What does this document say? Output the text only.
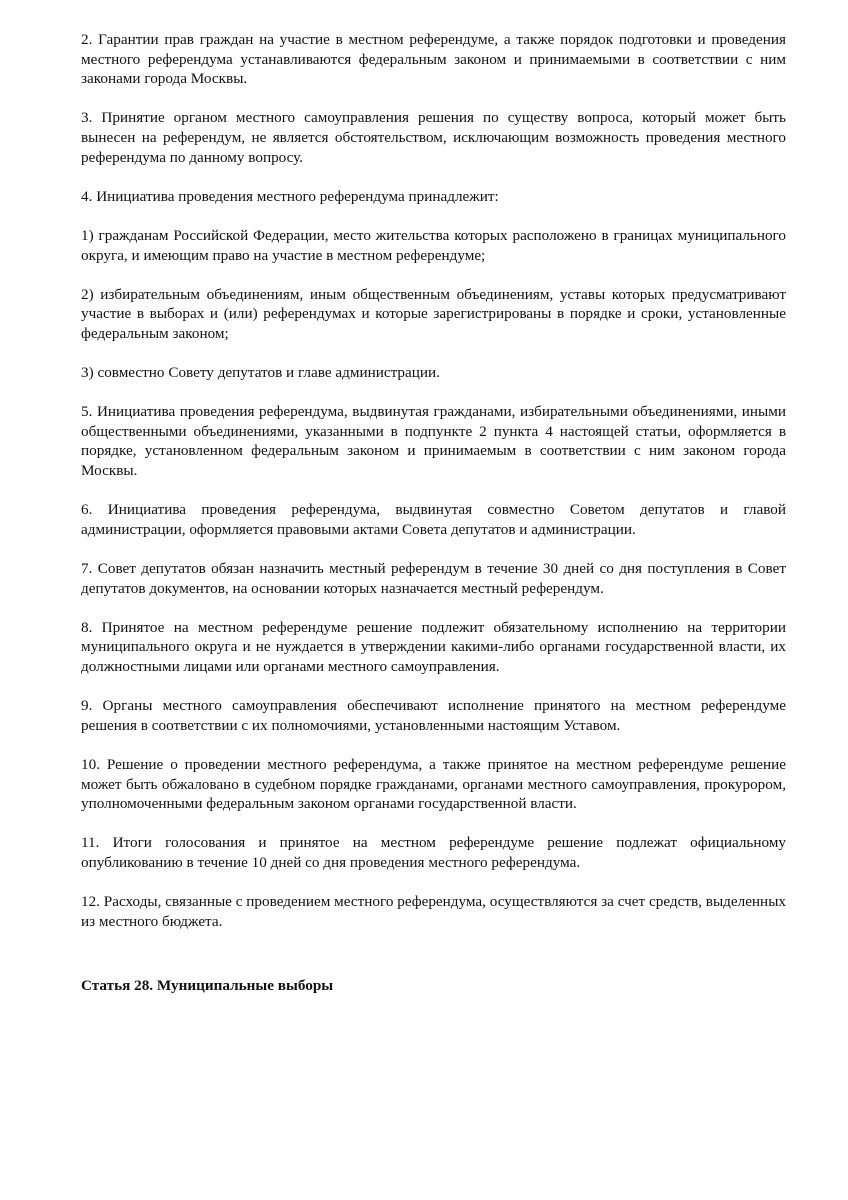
2. Гарантии прав граждан на участие в местном референдуме, а также порядок подготовки и проведения местного референдума устанавливаются федеральным законом и принимаемыми в соответствии с ним законами города Москвы.

3. Принятие органом местного самоуправления решения по существу вопроса, который может быть вынесен на референдум, не является обстоятельством, исключающим возможность проведения местного референдума по данному вопросу.

4. Инициатива проведения местного референдума принадлежит:

1) гражданам Российской Федерации, место жительства которых расположено в границах муниципального округа, и имеющим право на участие в местном референдуме;

2) избирательным объединениям, иным общественным объединениям, уставы которых предусматривают участие в выборах и (или) референдумах и которые зарегистрированы в порядке и сроки, установленные федеральным законом;

3) совместно Совету депутатов и главе администрации.

5. Инициатива проведения референдума, выдвинутая гражданами, избирательными объединениями, иными общественными объединениями, указанными в подпункте 2 пункта 4 настоящей статьи, оформляется в порядке, установленном федеральным законом и принимаемым в соответствии с ним законом города Москвы.

6. Инициатива проведения референдума, выдвинутая совместно Советом депутатов и главой администрации, оформляется правовыми актами Совета депутатов и администрации.

7. Совет депутатов обязан назначить местный референдум в течение 30 дней со дня поступления в Совет депутатов документов, на основании которых назначается местный референдум.

8. Принятое на местном референдуме решение подлежит обязательному исполнению на территории муниципального округа и не нуждается в утверждении какими-либо органами государственной власти, их должностными лицами или органами местного самоуправления.

9. Органы местного самоуправления обеспечивают исполнение принятого на местном референдуме решения в соответствии с их полномочиями, установленными настоящим Уставом.

10. Решение о проведении местного референдума, а также принятое на местном референдуме решение может быть обжаловано в судебном порядке гражданами, органами местного самоуправления, прокурором, уполномоченными федеральным законом органами государственной власти.

11. Итоги голосования и принятое на местном референдуме решение подлежат официальному опубликованию в течение 10 дней со дня проведения местного референдума.

12. Расходы, связанные с проведением местного референдума, осуществляются за счет средств, выделенных из местного бюджета.

Статья 28. Муниципальные выборы
